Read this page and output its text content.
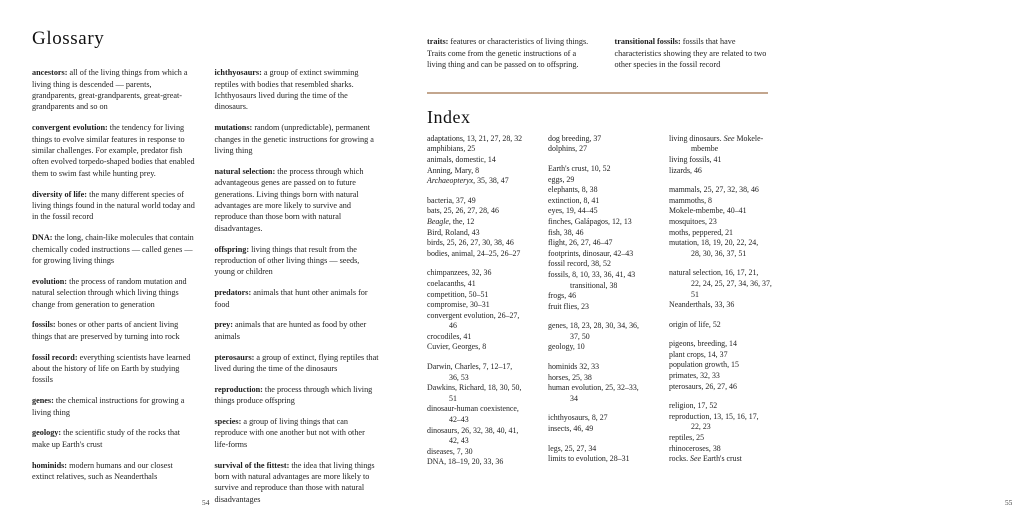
Glossary

ancestors: all of the living things from which a living thing is descended — parents, grandparents, great-grandparents, great-great-grandparents and so on

convergent evolution: the tendency for living things to evolve similar features in response to similar challenges. For example, predator fish often evolved torpedo-shaped bodies that enabled them to swim fast while hunting prey.

diversity of life: the many different species of living things found in the natural world today and in the fossil record

DNA: the long, chain-like molecules that contain chemically coded instructions — called genes — for growing living things

evolution: the process of random mutation and natural selection through which living things change from generation to generation

fossils: bones or other parts of ancient living things that are preserved by turning into rock

fossil record: everything scientists have learned about the history of life on Earth by studying fossils

genes: the chemical instructions for growing a living thing

geology: the scientific study of the rocks that make up Earth's crust

hominids: modern humans and our closest extinct relatives, such as Neanderthals

ichthyosaurs: a group of extinct swimming reptiles with bodies that resembled sharks. Ichthyosaurs lived during the time of the dinosaurs.

mutations: random (unpredictable), permanent changes in the genetic instructions for growing a living thing

natural selection: the process through which advantageous genes are passed on to future generations. Living things born with natural advantages are more likely to survive and reproduce than those born with natural disadvantages.

offspring: living things that result from the reproduction of other living things — seeds, young or children

predators: animals that hunt other animals for food

prey: animals that are hunted as food by other animals

pterosaurs: a group of extinct, flying reptiles that lived during the time of the dinosaurs

reproduction: the process through which living things produce offspring

species: a group of living things that can reproduce with one another but not with other life-forms

survival of the fittest: the idea that living things born with natural advantages are more likely to survive and reproduce than those with natural disadvantages

54

traits: features or characteristics of living things. Traits come from the genetic instructions of a living thing and can be passed on to offspring.

transitional fossils: fossils that have characteristics showing they are related to two other species in the fossil record

Index
adaptations, 13, 21, 27, 28, 32
amphibians, 25
animals, domestic, 14
Anning, Mary, 8
Archaeopteryx, 35, 38, 47
bacteria, 37, 49
bats, 25, 26, 27, 28, 46
Beagle, the, 12
Bird, Roland, 43
birds, 25, 26, 27, 30, 38, 46
bodies, animal, 24–25, 26–27
chimpanzees, 32, 36
coelacanths, 41
competition, 50–51
compromise, 30–31
convergent evolution, 26–27,
46
crocodiles, 41
Cuvier, Georges, 8
Darwin, Charles, 7, 12–17,
36, 53
Dawkins, Richard, 18, 30, 50,
51
dinosaur-human coexistence,
42–43
dinosaurs, 26, 32, 38, 40, 41,
42, 43
diseases, 7, 30
DNA, 18–19, 20, 33, 36
dog breeding, 37
dolphins, 27
Earth's crust, 10, 52
eggs, 29
elephants, 8, 38
extinction, 8, 41
eyes, 19, 44–45
finches, Galápagos, 12, 13
fish, 38, 46
flight, 26, 27, 46–47
footprints, dinosaur, 42–43
fossil record, 38, 52
fossils, 8, 10, 33, 36, 41, 43
transitional, 38
frogs, 46
fruit flies, 23
genes, 18, 23, 28, 30, 34, 36,
37, 50
geology, 10
hominids 32, 33
horses, 25, 38
human evolution, 25, 32–33,
34
ichthyosaurs, 8, 27
insects, 46, 49
legs, 25, 27, 34
limits to evolution, 28–31
living dinosaurs. See Mokele-
mbembe
living fossils, 41
lizards, 46
mammals, 25, 27, 32, 38, 46
mammoths, 8
Mokele-mbembe, 40–41
mosquitoes, 23
moths, peppered, 21
mutation, 18, 19, 20, 22, 24,
28, 30, 36, 37, 51
natural selection, 16, 17, 21,
22, 24, 25, 27, 34, 36, 37,
51
Neanderthals, 33, 36
origin of life, 52
pigeons, breeding, 14
plant crops, 14, 37
population growth, 15
primates, 32, 33
pterosaurs, 26, 27, 46
religion, 17, 52
reproduction, 13, 15, 16, 17,
22, 23
reptiles, 25
rhinoceroses, 38
rocks. See Earth's crust
55
